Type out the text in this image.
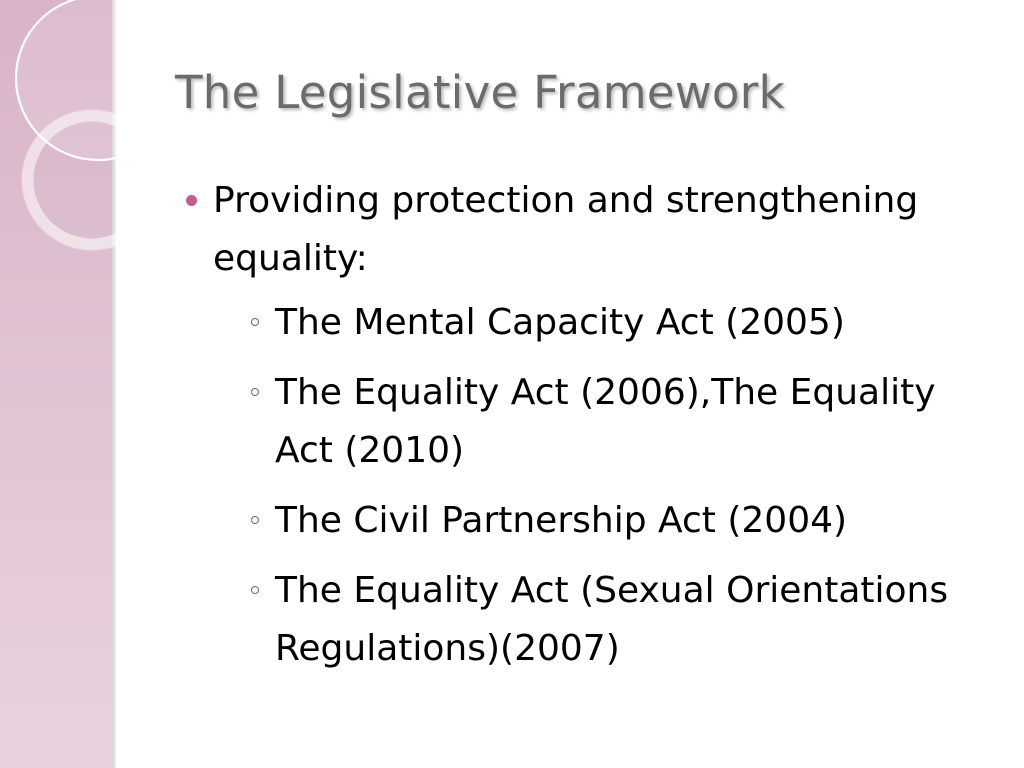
The Legislative Framework
Providing protection and strengthening equality:
The Mental Capacity Act (2005)
The Equality Act (2006),The Equality Act (2010)
The Civil Partnership Act (2004)
The Equality Act (Sexual Orientations Regulations)(2007)
